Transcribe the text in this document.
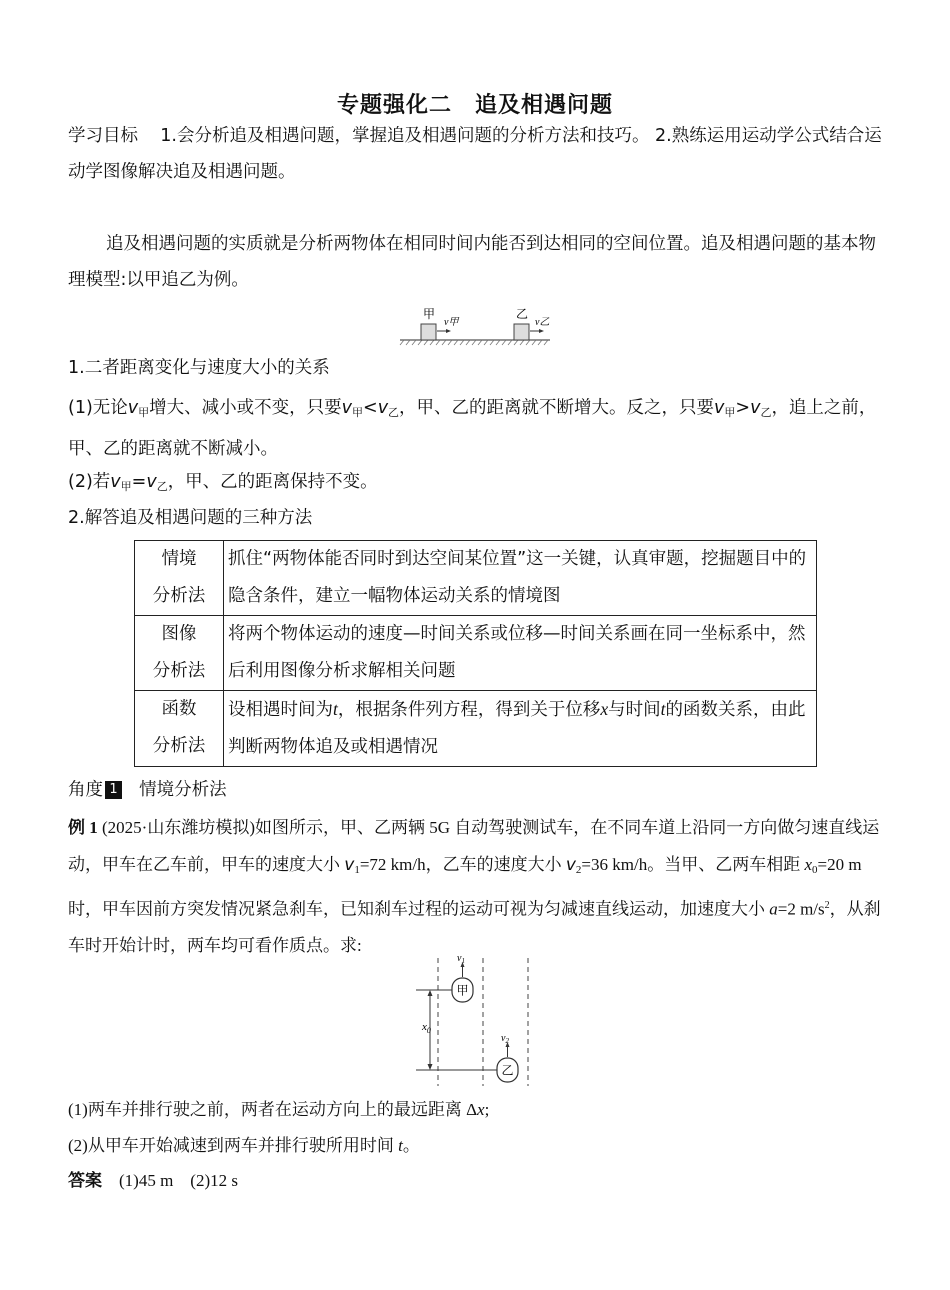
专题强化二　追及相遇问题

学习目标 1.会分析追及相遇问题，掌握追及相遇问题的分析方法和技巧。 2.熟练运用运动学公式结合运动学图像解决追及相遇问题。

追及相遇问题的实质就是分析两物体在相同时间内能否到达相同的空间位置。追及相遇问题的基本物理模型:以甲追乙为例。

甲	乙
v甲	v乙

1.二者距离变化与速度大小的关系

(1)无论$v_甲$增大、减小或不变，只要$v_甲<v_乙$，甲、乙的距离就不断增大。反之，只要$v_甲>v_乙$，追上之前，甲、乙的距离就不断减小。

(2)若$v_甲=v_乙$，甲、乙的距离保持不变。

2.解答追及相遇问题的三种方法

情境
分析法	抓住“两物体能否同时到达空间某位置”这一关键，认真审题，挖掘题目中的隐含条件，建立一幅物体运动关系的情境图
图像
分析法	将两个物体运动的速度—时间关系或位移—时间关系画在同一坐标系中，然后利用图像分析求解相关问题
函数
分析法	设相遇时间为t，根据条件列方程，得到关于位移x与时间t的函数关系，由此判断两物体追及或相遇情况

角度 1 情境分析法

例 1 (2025·山东潍坊模拟)如图所示，甲、乙两辆 5G 自动驾驶测试车，在不同车道上沿同一方向做匀速直线运动，甲车在乙车前，甲车的速度大小 $v_1=72$ km/h，乙车的速度大小 $v_2=36$ km/h。当甲、乙两车相距 $x_0=20$ m 时，甲车因前方突发情况紧急刹车，已知刹车过程的运动可视为匀减速直线运动，加速度大小 a=2 $m/s^2$，从刹车时开始计时，两车均可看作质点。求:

$x_0$
甲
$v_1$
乙
$v_2$

(1)两车并排行驶之前，两者在运动方向上的最远距离 Δx;

(2)从甲车开始减速到两车并排行驶所用时间 t。

答案 (1)45 m　(2)12 s
